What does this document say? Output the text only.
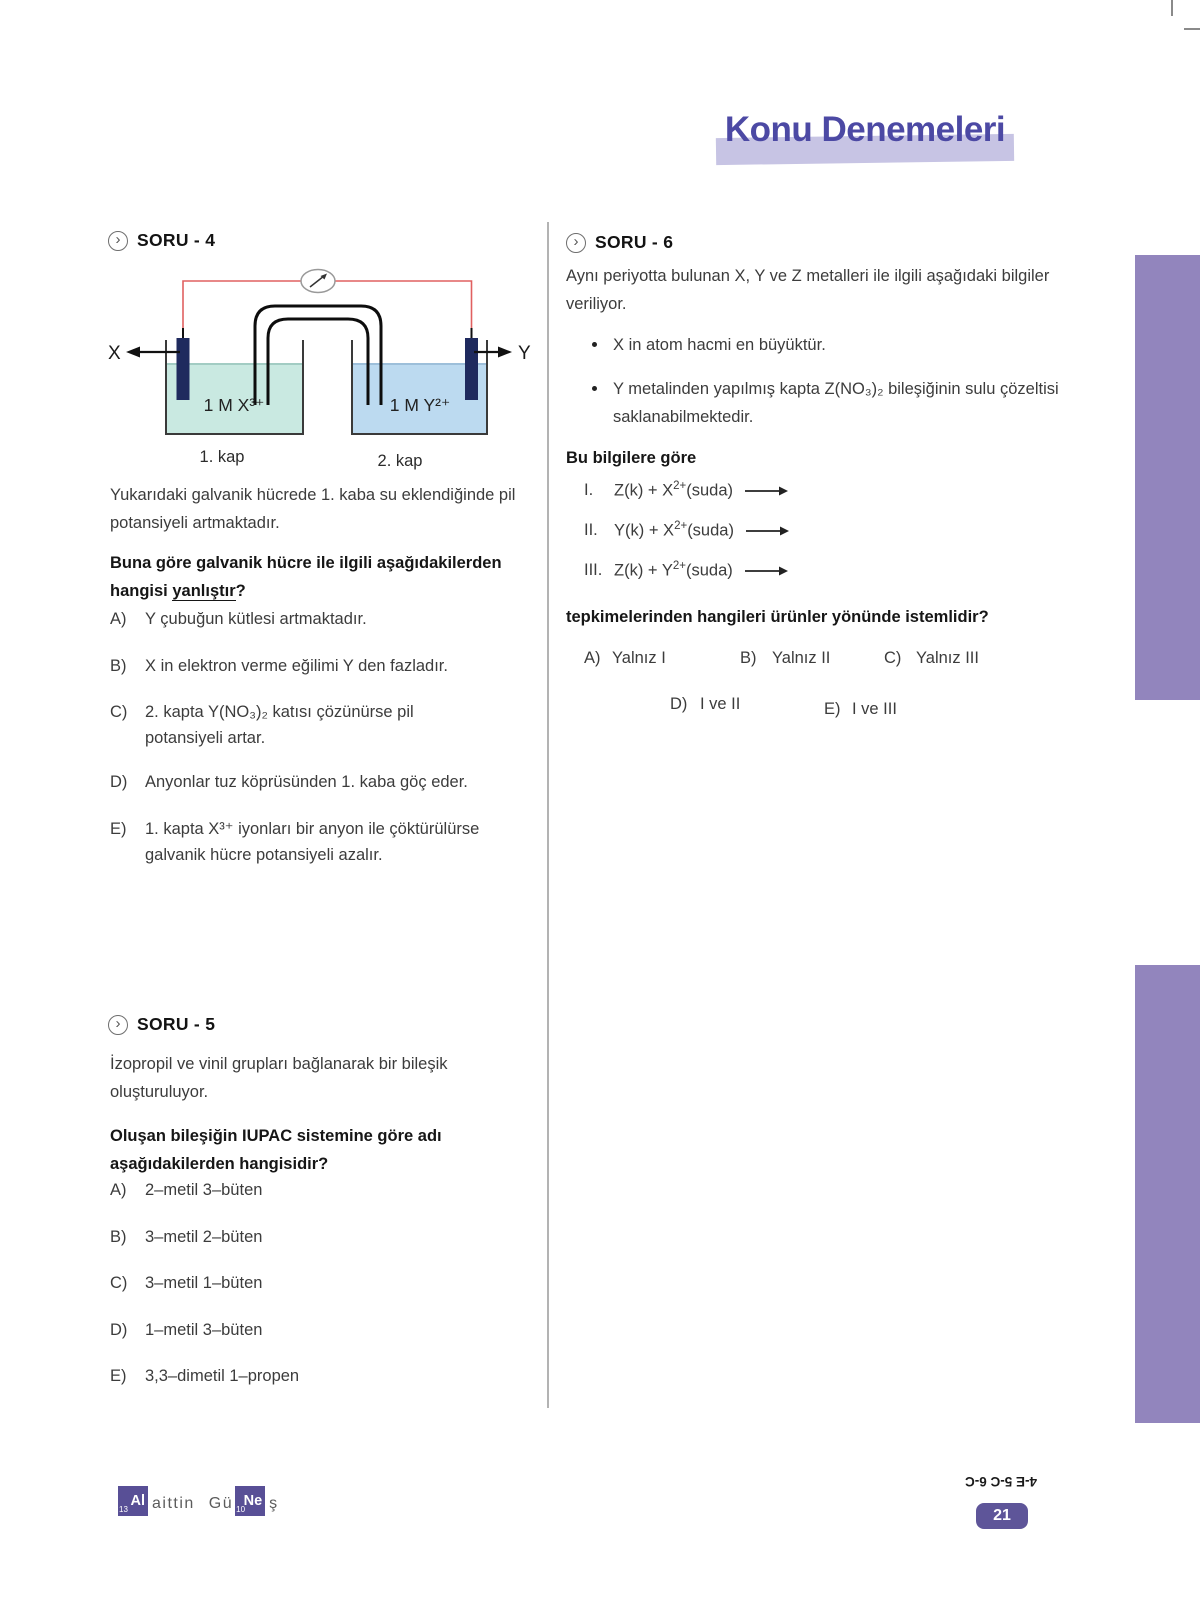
Konu Denemeleri
› SORU - 4
X	Y
1 M X³⁺	1 M Y²⁺
1. kap	2. kap
Yukarıdaki galvanik hücrede 1. kaba su eklendiğinde pil
potansiyeli artmaktadır.
Buna göre galvanik hücre ile ilgili aşağıdakilerden
hangisi yanlıştır?
A)	Y çubuğun kütlesi artmaktadır.
B)	X in elektron verme eğilimi Y den fazladır.
C)	2. kapta Y(NO₃)₂ katısı çözünürse pil
potansiyeli artar.
D)	Anyonlar tuz köprüsünden 1. kaba göç eder.
E)	1. kapta X³⁺ iyonları bir anyon ile çöktürülürse
galvanik hücre potansiyeli azalır.
› SORU - 5
İzopropil ve vinil grupları bağlanarak bir bileşik
oluşturuluyor.
Oluşan bileşiğin IUPAC sistemine göre adı
aşağıdakilerden hangisidir?
A)	2–metil 3–büten
B)	3–metil 2–büten
C)	3–metil 1–büten
D)	1–metil 3–büten
E)	3,3–dimetil 1–propen
› SORU - 6
Aynı periyotta bulunan X, Y ve Z metalleri ile ilgili aşağıdaki bilgiler
veriliyor.
X in atom hacmi en büyüktür.
Y metalinden yapılmış kapta Z(NO₃)₂ bileşiğinin sulu çözeltisi
saklanabilmektedir.
Bu bilgilere göre
I.	$Z(k) + X^{2+}(suda)$ →
II. $Y(k) + X^{2+}(suda)$ →
III. $Z(k) + Y^{2+}(suda)$ →
tepkimelerinden hangileri ürünler yönünde istemlidir?
A) Yalnız I	B) Yalnız II	C) Yalnız III
D) I ve II	E) I ve III
13
Al aittin Gü 10
Ne ş
4-E 5-C 6-C
21
